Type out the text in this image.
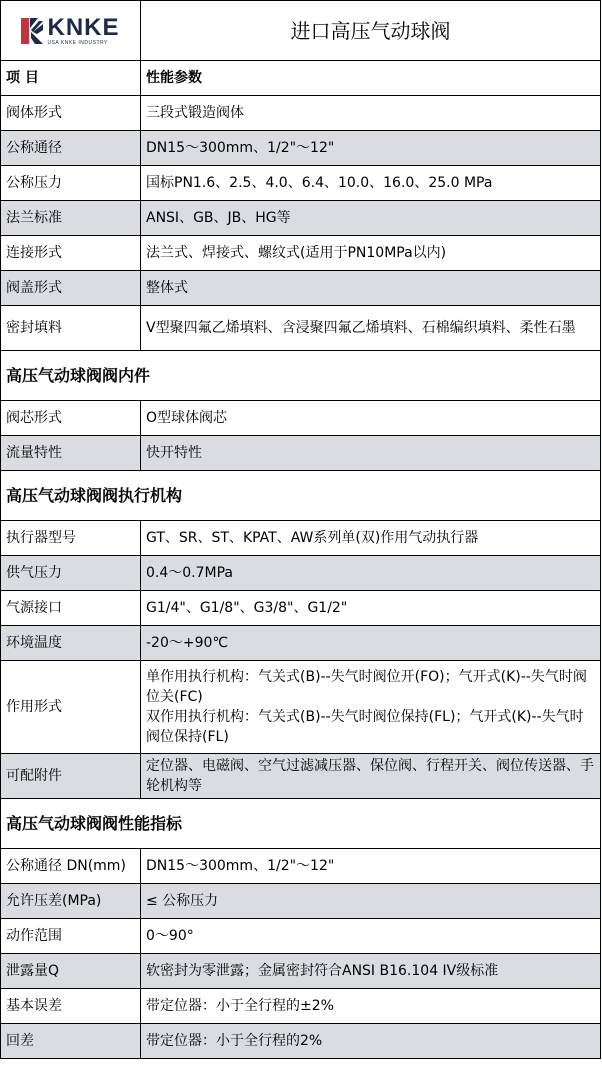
KNKE
USA KNKE INDUSTRY	进口高压气动球阀
项 目	性能参数
阀体形式	三段式锻造阀体
公称通径	DN15～300mm、1/2"～12"
公称压力	国标PN1.6、2.5、4.0、6.4、10.0、16.0、25.0 MPa
法兰标准	ANSI、GB、JB、HG等
连接形式	法兰式、焊接式、螺纹式(适用于PN10MPa以内)
阀盖形式	整体式
密封填料	V型聚四氟乙烯填料、含浸聚四氟乙烯填料、石棉编织填料、柔性石墨
高压气动球阀阀内件	
阀芯形式	O型球体阀芯
流量特性	快开特性
高压气动球阀阀执行机构	
执行器型号	GT、SR、ST、KPAT、AW系列单(双)作用气动执行器
供气压力	0.4～0.7MPa
气源接口	G1/4"、G1/8"、G3/8"、G1/2"
环境温度	-20～+90℃
作用形式	单作用执行机构：气关式(B)--失气时阀位开(FO)；气开式(K)--失气时阀位关(FC)
双作用执行机构：气关式(B)--失气时阀位保持(FL)；气开式(K)--失气时阀位保持(FL)

可配附件	定位器、电磁阀、空气过滤减压器、保位阀、行程开关、阀位传送器、手轮机构等
高压气动球阀阀性能指标	
公称通径 DN(mm)	DN15～300mm、1/2"～12"
允许压差(MPa)	≤ 公称压力
动作范围	0～90°
泄露量Q	软密封为零泄露；金属密封符合ANSI B16.104 IV级标准
基本误差	带定位器：小于全行程的±2%
回差	带定位器：小于全行程的2%
